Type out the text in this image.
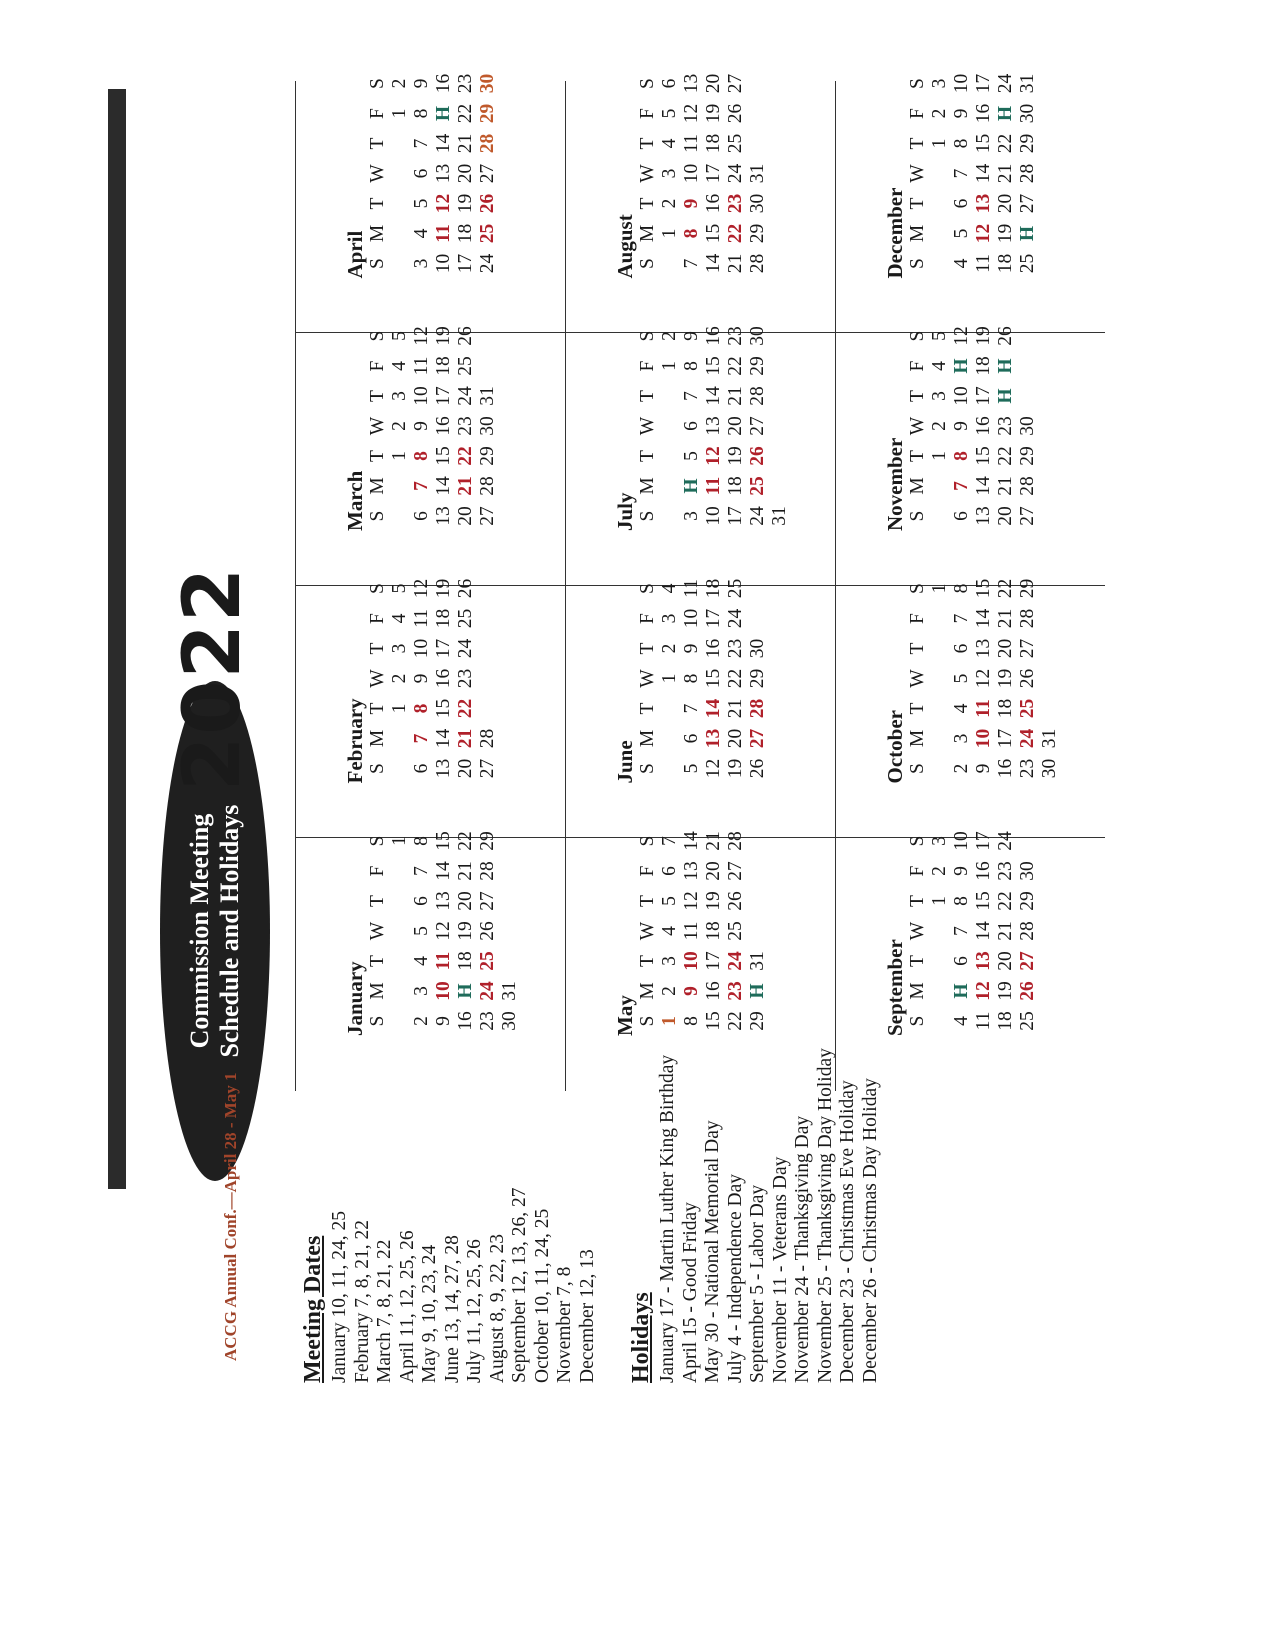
Commission Meeting Schedule and Holidays
Meeting Dates January 10, 11, 24, 25 February 7, 8, 21, 22 March 7, 8, 21, 22 April 11, 12, 25, 26 May 9, 10, 23, 24 June 13, 14, 27, 28 July 11, 12, 25, 26 August 8, 9, 22, 23 September 12, 13, 26, 27 October 10, 11, 24, 25 November 7, 8 December 12, 13 Holidays January 17 - Martin Luther King Birthday April 15 - Good Friday May 30 - National Memorial Day July 4 - Independence Day September 5 - Labor Day November 11 - Veterans Day November 24 - Thanksgiving Day November 25 - Thanksgiving Day Holiday December 23 - Christmas Eve Holiday December 26 - Christmas Day Holiday
ACCG Annual Conf.—April 28 - May 1
2022
January S
M
T
W
T
F
S 1
2
3
4
5
6
7
8
9
10
11
12
13
14
15
16
H
18
19
20
21
22
23
24
25
26
27
28
29
30
31
February S
M
T
W
T
F
S
1
2
3
4
5
6
7
8
9
10
11
12
13
14
15
16
17
18
19
20
21
22
23
24
25
26
27
28
March S
M
T
W
T
F
S
1
2
3
4
5
6
7
8
9
10
11
12
13
14
15
16
17
18
19
20
21
22
23
24
25
26
27
28
29
30
31
April S
M
T
W
T
F
S
1
2
3
4
5
6
7
8
9
10
11
12
13
14
H
16
17
18
19
20
21
22
23
24
25
26
27
28
29
30
May S
M
T
W
T
F
S
1
2
3
4
5
6
7
8
9
10
11
12
13
14
15
16
17
18
19
20
21
22
23
24
25
26
27
28
29
H
31
June S
M
T
W
T
F
S
1
2
3
4
5
6
7
8
9
10
11
12
13
14
15
16
17
18
19
20
21
22
23
24
25
26
27
28
29
30
July S
M
T
W
T
F
S
1
2
3
H
5
6
7
8
9
10
11
12
13
14
15
16
17
18
19
20
21
22
23
24
25
26
27
28
29
30
31
August S
M
T
W
T
F
S
1
2
3
4
5
6
7
8
9
10
11
12
13
14
15
16
17
18
19
20
21
22
23
24
25
26
27
28
29
30
31
September S
M
T
W
T
F
S
1
2
3
4
H
6
7
8
9
10
11
12
13
14
15
16
17
18
19
20
21
22
23
24
25
26
27
28
29
30
October S
M
T
W
T
F
S 1
2
3
4
5
6
7
8
9
10
11
12
13
14
15
16
17
18
19
20
21
22
23
24
25
26
27
28
29
30
31
November S
M
T
W
T
F
S
1
2
3
4
5
6
7
8
9
10
H
12
13
14
15
16
17
18
19
20
21
22
23
H
H
26
27
28
29
30
December S
M
T
W
T
F
S
1
2
3
4
5
6
7
8
9
10
11
12
13
14
15
16
17
18
19
20
21
22
H
24
25
H
27
28
29
30
31
